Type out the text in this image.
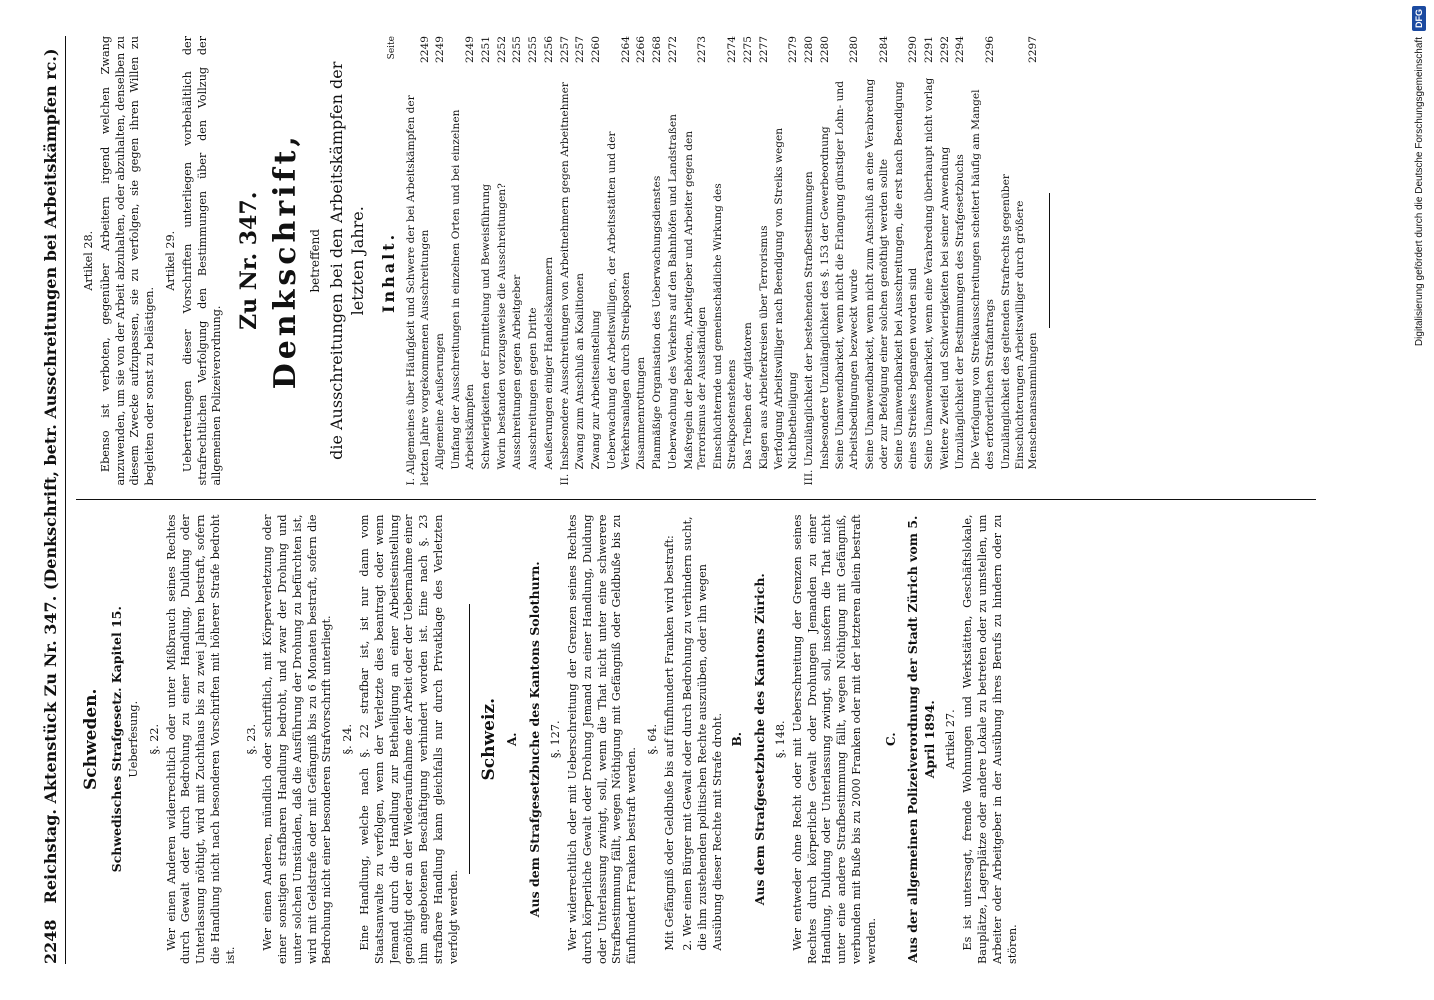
2248
Reichstag. Aktenstück Zu Nr. 347. (Denkschrift, betr. Ausschreitungen bei Arbeitskämpfen rc.) Schweden. Schwedisches Strafgesetz. Kapitel 15. Ueberfesung. §. 22. Wer einen Anderen widerrechtlich oder unter Mißbrauch seines Rechtes durch Gewalt oder durch Bedrohung zu einer Handlung, Duldung oder Unterlassung nöthigt, wird mit Zuchthaus bis zu zwei Jahren bestraft, sofern die Handlung nicht nach besonderen Vorschriften mit höherer Strafe bedroht ist.

§. 23. Wer einen Anderen, mündlich oder schriftlich, mit Körperverletzung oder einer sonstigen strafbaren Handlung bedroht, und zwar der Drohung und unter solchen Umständen, daß die Ausführung der Drohung zu befürchten ist, wird mit Geldstrafe oder mit Gefängniß bis zu 6 Monaten bestraft, sofern die Bedrohung nicht einer besonderen Strafvorschrift unterliegt. §. 24. Eine Handlung, welche nach §. 22 strafbar ist, ist nur dann vom Staatsanwalte zu verfolgen, wenn der Verletzte dies beantragt oder wenn Jemand durch die Handlung zur Betheiligung an einer Arbeitseinstellung genöthigt oder an der Wiederaufnahme der Arbeit oder der Uebernahme einer ihm angebotenen Beschäftigung verhindert worden ist. Eine nach §. 23 strafbare Handlung kann gleichfalls nur durch Privatklage des Verletzten verfolgt werden.

Schweiz. A. Aus dem Strafgesetzbuche des Kantons Solothurn. §. 127. Wer widerrechtlich oder mit Ueberschreitung der Grenzen seines Rechtes durch körperliche Gewalt oder Drohung Jemand zu einer Handlung, Duldung oder Unterlassung zwingt, soll, wenn die That nicht unter eine schwerere Strafbestimmung fällt, wegen Nöthigung mit Gefängniß oder Geldbuße bis zu fünfhundert Franken bestraft werden.

§. 64. Mit Gefängniß oder Geldbuße bis auf fünfhundert Franken wird bestraft: 2. Wer einen Bürger mit Gewalt oder durch Bedrohung zu verhindern sucht, die ihm zustehenden politischen Rechte auszuüben, oder ihn wegen Ausübung dieser Rechte mit Strafe droht. B. Aus dem Strafgesetzbuche des Kantons Zürich. §. 148. Wer entweder ohne Recht oder mit Ueberschreitung der Grenzen seines Rechtes durch körperliche Gewalt oder Drohungen Jemanden zu einer Handlung, Duldung oder Unterlassung zwingt, soll, insofern die That nicht unter eine andere Strafbestimmung fällt, wegen Nöthigung mit Gefängniß, verbunden mit Buße bis zu 2000 Franken oder mit der letzteren allein bestraft werden.

C. Aus der allgemeinen Polizeiverordnung der Stadt Zürich vom 5. April 1894. Artikel 27. Es ist untersagt, fremde Wohnungen und Werkstätten, Geschäftslokale, Bauplätze, Lagerplätze oder andere Lokale zu betreten oder zu umstellen, um Arbeiter oder Arbeitgeber in der Ausübung ihres Berufs zu hindern oder zu stören.

Artikel 28. Ebenso ist verboten, gegenüber Arbeitern irgend welchen Zwang anzuwenden, um sie von der Arbeit abzuhalten, oder abzuhalten, denselben zu diesem Zwecke aufzupassen, sie zu verfolgen, sie gegen ihren Willen zu begleiten oder sonst zu belästigen.

Artikel 29. Uebertretungen dieser Vorschriften unterliegen vorbehältlich der strafrechtlichen Verfolgung den Bestimmungen über den Vollzug der allgemeinen Polizeiverordnung.

Zu Nr. 347. Denkschrift, betreffend die Ausschreitungen bei den Arbeitskämpfen der letzten Jahre. Inhalt.
Seite
I. Allgemeines über Häufigkeit und Schwere der bei Arbeitskämpfen der letzten Jahre vorgekommenen Ausschreitungen
2249
Allgemeine Aeußerungen
2249
Umfang der Ausschreitungen in einzelnen Orten und bei einzelnen Arbeitskämpfen
2249
Schwierigkeiten der Ermittelung und Beweisführung
2251
Worin bestanden vorzugsweise die Ausschreitungen?
2252
Ausschreitungen gegen Arbeitgeber
2255
Ausschreitungen gegen Dritte
2255
Aeußerungen einiger Handelskammern
2256
II. Insbesondere Ausschreitungen von Arbeitnehmern gegen Arbeitnehmer
2257
Zwang zum Anschluß an Koalitionen
2257
Zwang zur Arbeitseinstellung
2260
Ueberwachung der Arbeitswilligen, der Arbeitsstätten und der Verkehrsanlagen durch Streikposten
2264
Zusammenrottungen
2266
Planmäßige Organisation des Ueberwachungsdienstes
2268
Ueberwachung des Verkehrs auf den Bahnhöfen und Landstraßen
2272
Maßregeln der Behörden, Arbeitgeber und Arbeiter gegen den Terrorismus der Ausständigen
2273
Einschüchternde und gemeinschädliche Wirkung des Streikpostenstehens
2274
Das Treiben der Agitatoren
2275
Klagen aus Arbeiterkreisen über Terrorismus
2277
Verfolgung Arbeitswilliger nach Beendigung von Streiks wegen Nichtbetheiligung
2279
III. Unzulänglichkeit der bestehenden Strafbestimmungen
2280
Insbesondere Unzulänglichkeit des §. 153 der Gewerbeordnung
2280
Seine Unanwendbarkeit, wenn nicht die Erlangung günstiger Lohn- und Arbeitsbedingungen bezweckt wurde
2280
Seine Unanwendbarkeit, wenn nicht zum Anschluß an eine Verabredung oder zur Befolgung einer solchen genöthigt werden sollte
2284
Seine Unanwendbarkeit bei Ausschreitungen, die erst nach Beendigung eines Streikes begangen worden sind
2290
Seine Unanwendbarkeit, wenn eine Verabredung überhaupt nicht vorlag
2291
Weitere Zweifel und Schwierigkeiten bei seiner Anwendung
2292
Unzulänglichkeit der Bestimmungen des Strafgesetzbuchs
2294
Die Verfolgung von Streikausschreitungen scheitert häufig am Mangel des erforderlichen Strafantrags
2296
Unzulänglichkeit des geltenden Strafrechts gegenüber Einschüchterungen Arbeitswilliger durch größere Menschenansammlungen
2297
DFG
Digitalisierung gefördert durch die Deutsche Forschungsgemeinschaft
